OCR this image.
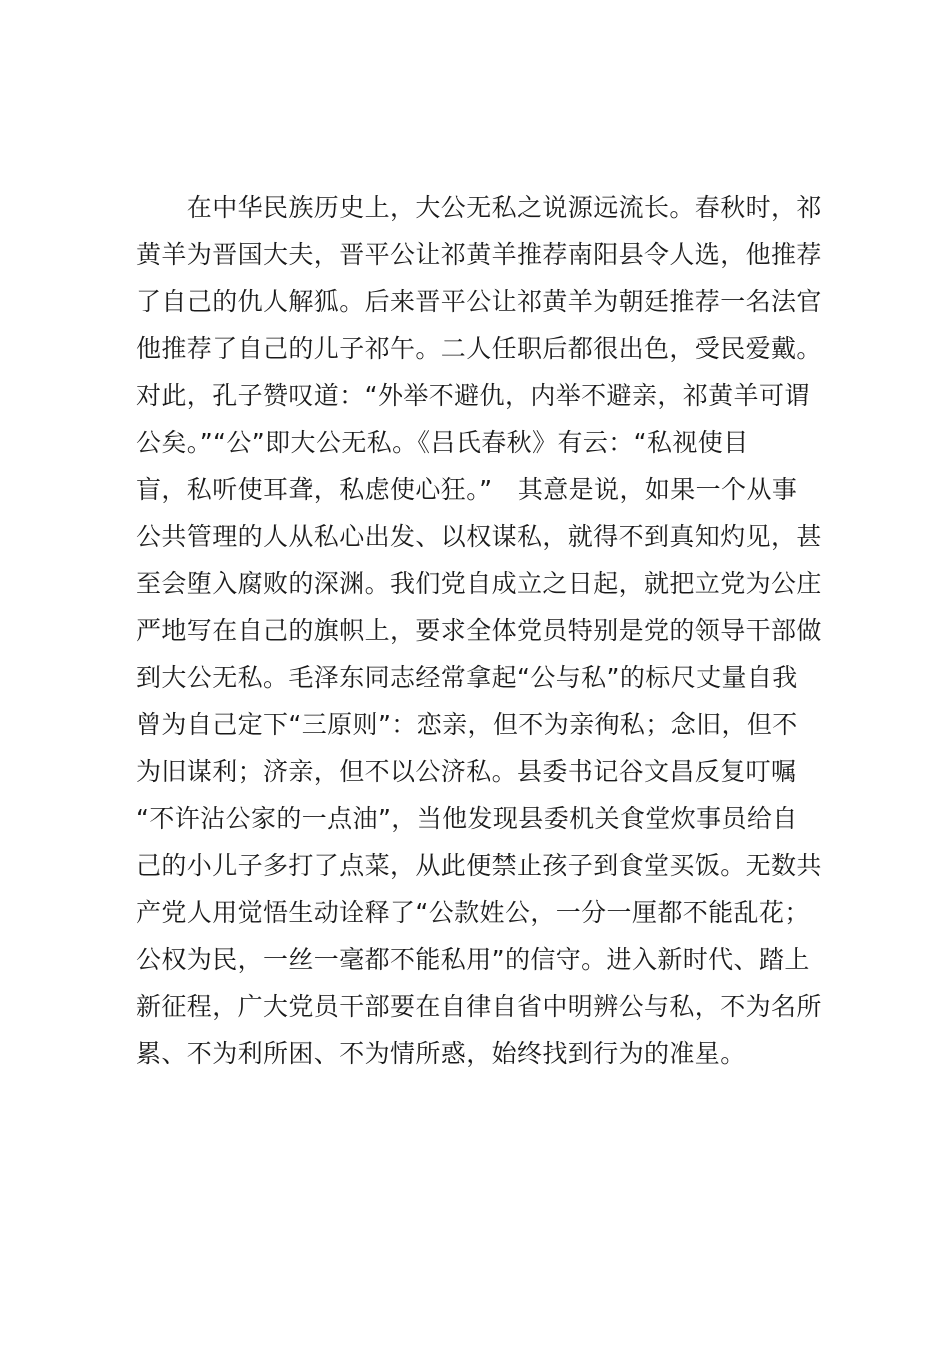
　　在中华民族历史上，大公无私之说源远流长。春秋时，祁
黄羊为晋国大夫，晋平公让祁黄羊推荐南阳县令人选，他推荐
了自己的仇人解狐。后来晋平公让祁黄羊为朝廷推荐一名法官
他推荐了自己的儿子祁午。二人任职后都很出色，受民爱戴。
对此，孔子赞叹道：“外举不避仇，内举不避亲，祁黄羊可谓
公矣。”“公”即大公无私。《吕氏春秋》有云：“私视使目
盲，私听使耳聋，私虑使心狂。”　其意是说，如果一个从事
公共管理的人从私心出发、以权谋私，就得不到真知灼见，甚
至会堕入腐败的深渊。我们党自成立之日起，就把立党为公庄
严地写在自己的旗帜上，要求全体党员特别是党的领导干部做
到大公无私。毛泽东同志经常拿起“公与私”的标尺丈量自我
曾为自己定下“三原则”：恋亲，但不为亲徇私；念旧，但不
为旧谋利；济亲，但不以公济私。县委书记谷文昌反复叮嘱
“不许沾公家的一点油”，当他发现县委机关食堂炊事员给自
己的小儿子多打了点菜，从此便禁止孩子到食堂买饭。无数共
产党人用觉悟生动诠释了“公款姓公，一分一厘都不能乱花；
公权为民，一丝一毫都不能私用”的信守。进入新时代、踏上
新征程，广大党员干部要在自律自省中明辨公与私，不为名所
累、不为利所困、不为情所惑，始终找到行为的准星。
